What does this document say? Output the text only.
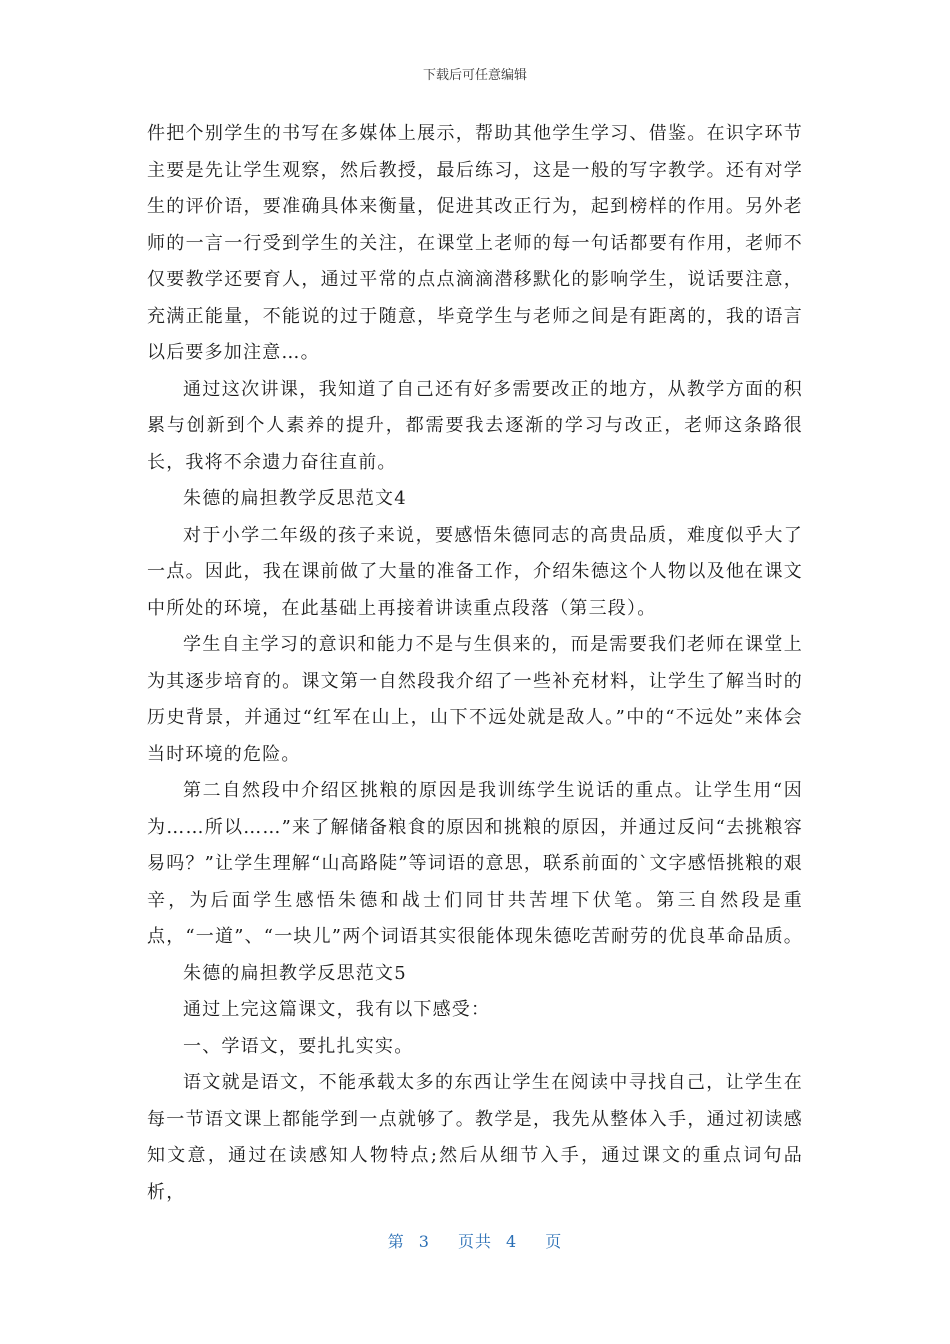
下载后可任意编辑

件把个别学生的书写在多媒体上展示，帮助其他学生学习、借鉴。在识字环节主要是先让学生观察，然后教授，最后练习，这是一般的写字教学。还有对学生的评价语，要准确具体来衡量，促进其改正行为，起到榜样的作用。另外老师的一言一行受到学生的关注，在课堂上老师的每一句话都要有作用，老师不仅要教学还要育人，通过平常的点点滴滴潜移默化的影响学生，说话要注意，充满正能量，不能说的过于随意，毕竟学生与老师之间是有距离的，我的语言以后要多加注意…。

通过这次讲课，我知道了自己还有好多需要改正的地方，从教学方面的积累与创新到个人素养的提升，都需要我去逐渐的学习与改正，老师这条路很长，我将不余遗力奋往直前。

朱德的扁担教学反思范文4

对于小学二年级的孩子来说，要感悟朱德同志的高贵品质，难度似乎大了一点。因此，我在课前做了大量的准备工作，介绍朱德这个人物以及他在课文中所处的环境，在此基础上再接着讲读重点段落（第三段）。

学生自主学习的意识和能力不是与生俱来的，而是需要我们老师在课堂上为其逐步培育的。课文第一自然段我介绍了一些补充材料，让学生了解当时的历史背景，并通过“红军在山上，山下不远处就是敌人。”中的“不远处”来体会当时环境的危险。

第二自然段中介绍区挑粮的原因是我训练学生说话的重点。让学生用“因为……所以……”来了解储备粮食的原因和挑粮的原因，并通过反问“去挑粮容易吗？”让学生理解“山高路陡”等词语的意思，联系前面的`文字感悟挑粮的艰辛，为后面学生感悟朱德和战士们同甘共苦埋下伏笔。第三自然段是重点，“一道”、“一块儿”两个词语其实很能体现朱德吃苦耐劳的优良革命品质。

朱德的扁担教学反思范文5

通过上完这篇课文，我有以下感受：

一、学语文，要扎扎实实。

语文就是语文，不能承载太多的东西让学生在阅读中寻找自己，让学生在每一节语文课上都能学到一点就够了。教学是，我先从整体入手，通过初读感知文意，通过在读感知人物特点;然后从细节入手，通过课文的重点词句品析，

第 3 页共 4 页
